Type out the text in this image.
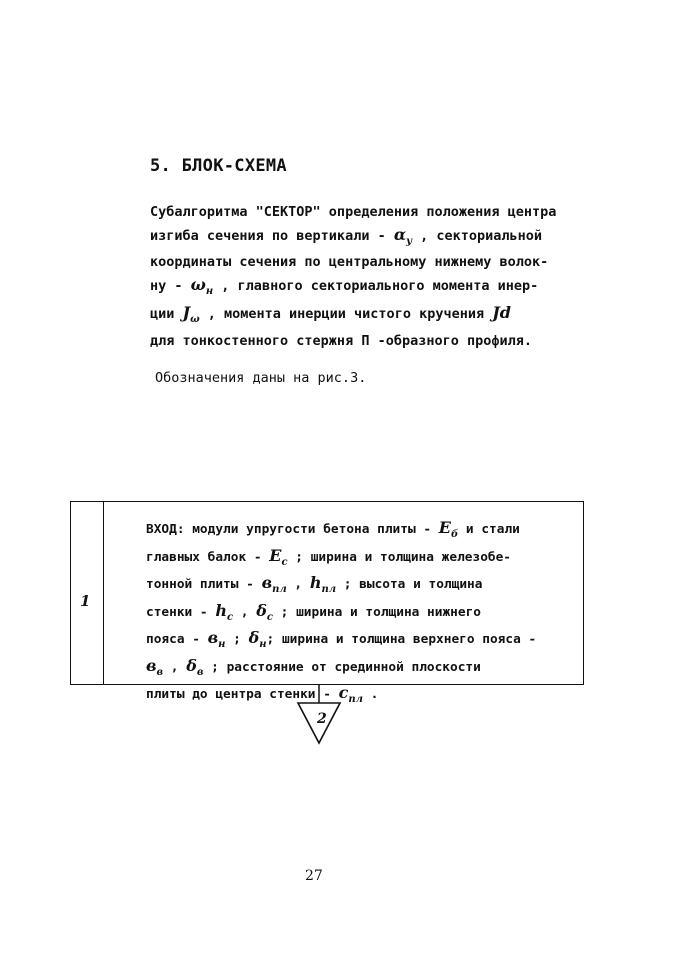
5. БЛОК-СХЕМА
Субалгоритма "СЕКТОР" определения положения центра
изгиба сечения по вертикали - $\alpha_y$ , секториальной
координаты сечения по центральному нижнему волок-
ну - $\omega_н$ , главного секториального момента инер-
ции $J_\omega$ , момента инерции чистого кручения Jd
для тонкостенного стержня П -образного профиля.
Обозначения даны на рис.3.
1
ВХОД: модули упругости бетона плиты - $E_б$ и стали
главных балок - $E_c$ ; ширина и толщина железобе-
тонной плиты - $в_{пл}$ , $h_{пл}$ ; высота и толщина
стенки - $h_c$ , $\delta_c$ ; ширина и толщина нижнего
пояса - $в_н$ ; $\delta_н$; ширина и толщина верхнего пояса -
$в_в$ , $\delta_в$ ; расстояние от срединной плоскости
плиты до центра стенки - $c_{пл}$ .
2
27
